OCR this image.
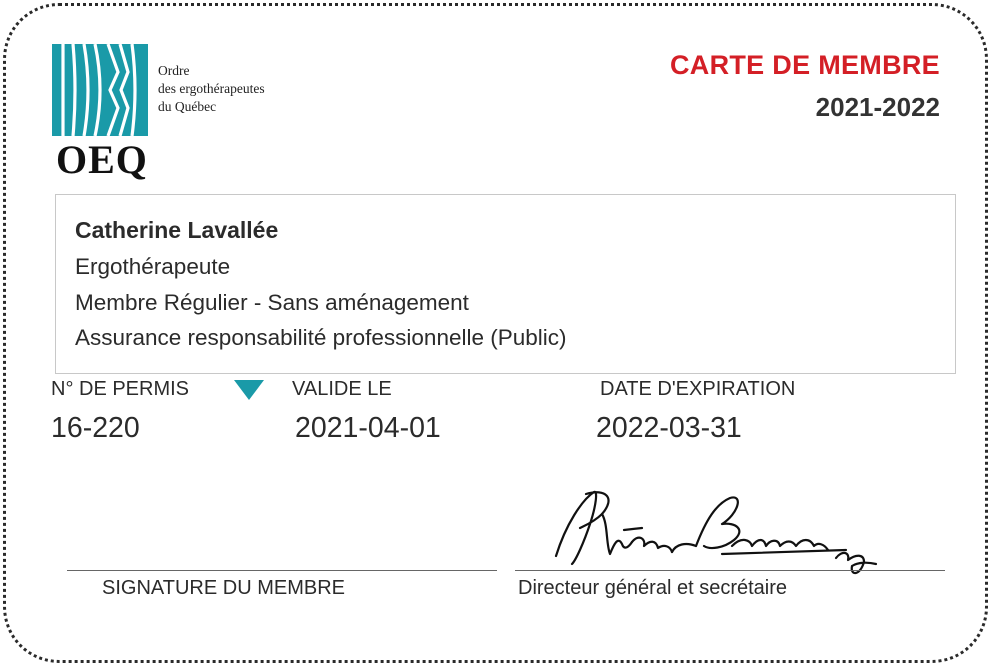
OEQ
Ordre
des ergothérapeutes
du Québec
CARTE DE MEMBRE
2021-2022
Catherine Lavallée
Ergothérapeute
Membre Régulier - Sans aménagement
Assurance responsabilité professionnelle (Public)
N° DE PERMIS
16-220
VALIDE LE
2021-04-01
DATE D'EXPIRATION
2022-03-31
SIGNATURE DU MEMBRE	Directeur général et secrétaire
